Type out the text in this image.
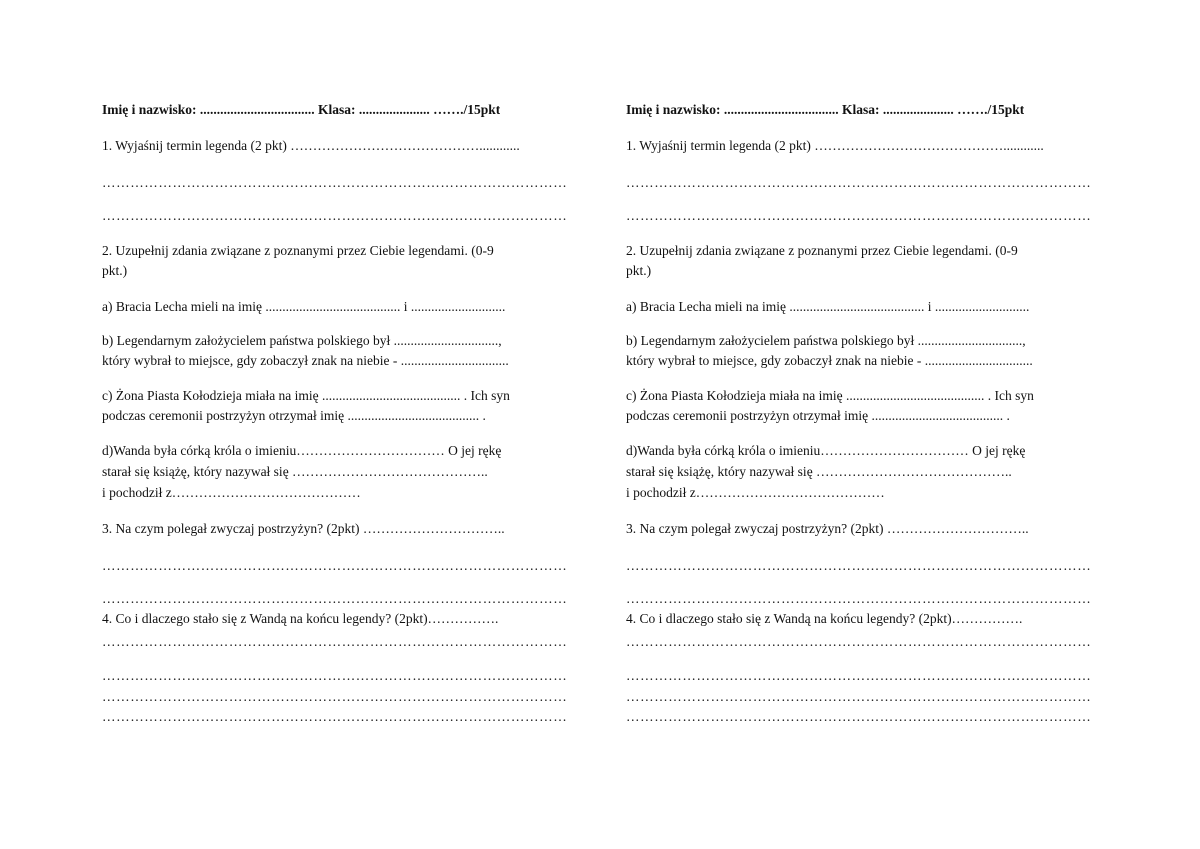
Imię i nazwisko: .................................. Klasa: ..................... ……./15pkt
1. Wyjaśnij termin legenda (2 pkt) ……………………………………............
………………………………………………………………………………………
………………………………………………………………………………………
2. Uzupełnij zdania związane z poznanymi przez Ciebie legendami. (0-9
pkt.)
a) Bracia Lecha mieli na imię ........................................ i ............................
b) Legendarnym założycielem państwa polskiego był ...............................,
który wybrał to miejsce, gdy zobaczył znak na niebie - ................................
c) Żona Piasta Kołodzieja miała na imię ......................................... . Ich syn
podczas ceremonii postrzyżyn otrzymał imię ....................................... .
d)Wanda była córką króla o imieniu…………………………… O jej rękę
starał się książę, który nazywał się ……………………………………..
i pochodził z……………………………………
3. Na czym polegał zwyczaj postrzyżyn? (2pkt) …………………………..
………………………………………………………………………………………
………………………………………………………………………………………
4. Co i dlaczego stało się z Wandą na końcu legendy? (2pkt)…………….
………………………………………………………………………………………
………………………………………………………………………………………
………………………………………………………………………………………
………………………………………………………………………………………
Imię i nazwisko: .................................. Klasa: ..................... ……./15pkt
1. Wyjaśnij termin legenda (2 pkt) ……………………………………............
………………………………………………………………………………………
………………………………………………………………………………………
2. Uzupełnij zdania związane z poznanymi przez Ciebie legendami. (0-9
pkt.)
a) Bracia Lecha mieli na imię ........................................ i ............................
b) Legendarnym założycielem państwa polskiego był ...............................,
który wybrał to miejsce, gdy zobaczył znak na niebie - ................................
c) Żona Piasta Kołodzieja miała na imię ......................................... . Ich syn
podczas ceremonii postrzyżyn otrzymał imię ....................................... .
d)Wanda była córką króla o imieniu…………………………… O jej rękę
starał się książę, który nazywał się ……………………………………..
i pochodził z……………………………………
3. Na czym polegał zwyczaj postrzyżyn? (2pkt) …………………………..
………………………………………………………………………………………
………………………………………………………………………………………
4. Co i dlaczego stało się z Wandą na końcu legendy? (2pkt)…………….
………………………………………………………………………………………
………………………………………………………………………………………
………………………………………………………………………………………
………………………………………………………………………………………
